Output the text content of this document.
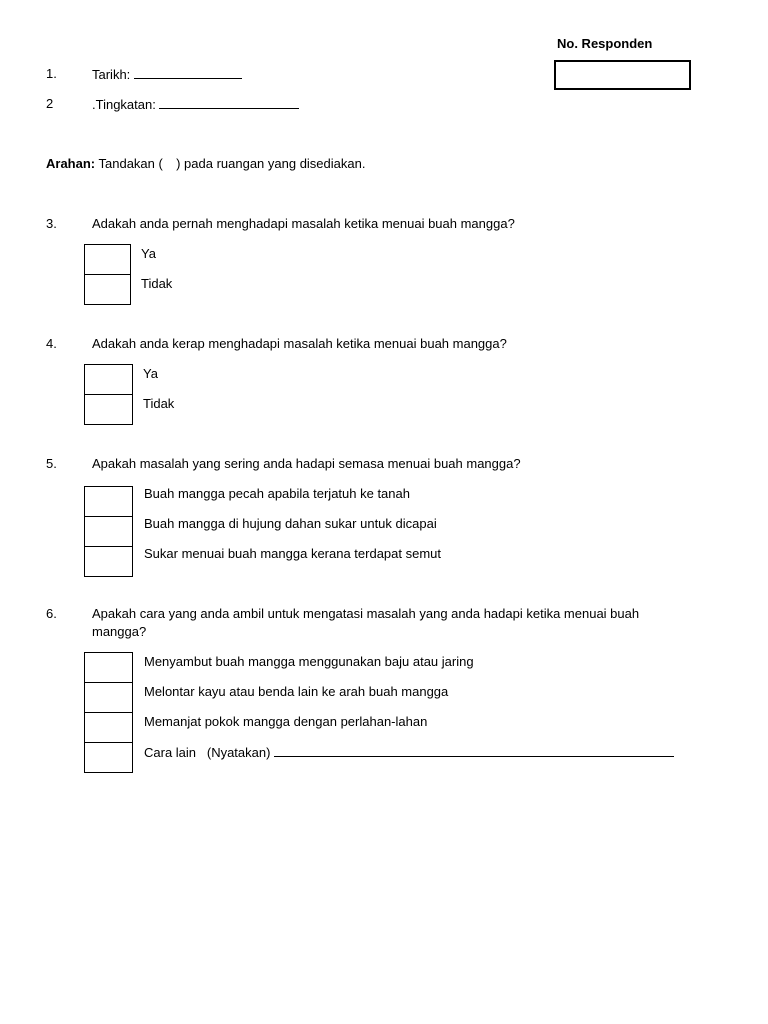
No. Responden
1.	Tarikh:
2	.Tingkatan:
Arahan: Tandakan ( ) pada ruangan yang disediakan.
3.	Adakah anda pernah menghadapi masalah ketika menuai buah mangga?
Ya
Tidak
4.	Adakah anda kerap menghadapi masalah ketika menuai buah mangga?
Ya
Tidak
5.	Apakah masalah yang sering anda hadapi semasa menuai buah mangga?
Buah mangga pecah apabila terjatuh ke tanah
Buah mangga di hujung dahan sukar untuk dicapai
Sukar menuai buah mangga kerana terdapat semut
6.	Apakah cara yang anda ambil untuk mengatasi masalah yang anda hadapi ketika menuai buah
mangga?
Menyambut buah mangga menggunakan baju atau jaring
Melontar kayu atau benda lain ke arah buah mangga
Memanjat pokok mangga dengan perlahan-lahan
Cara lain   (Nyatakan)
